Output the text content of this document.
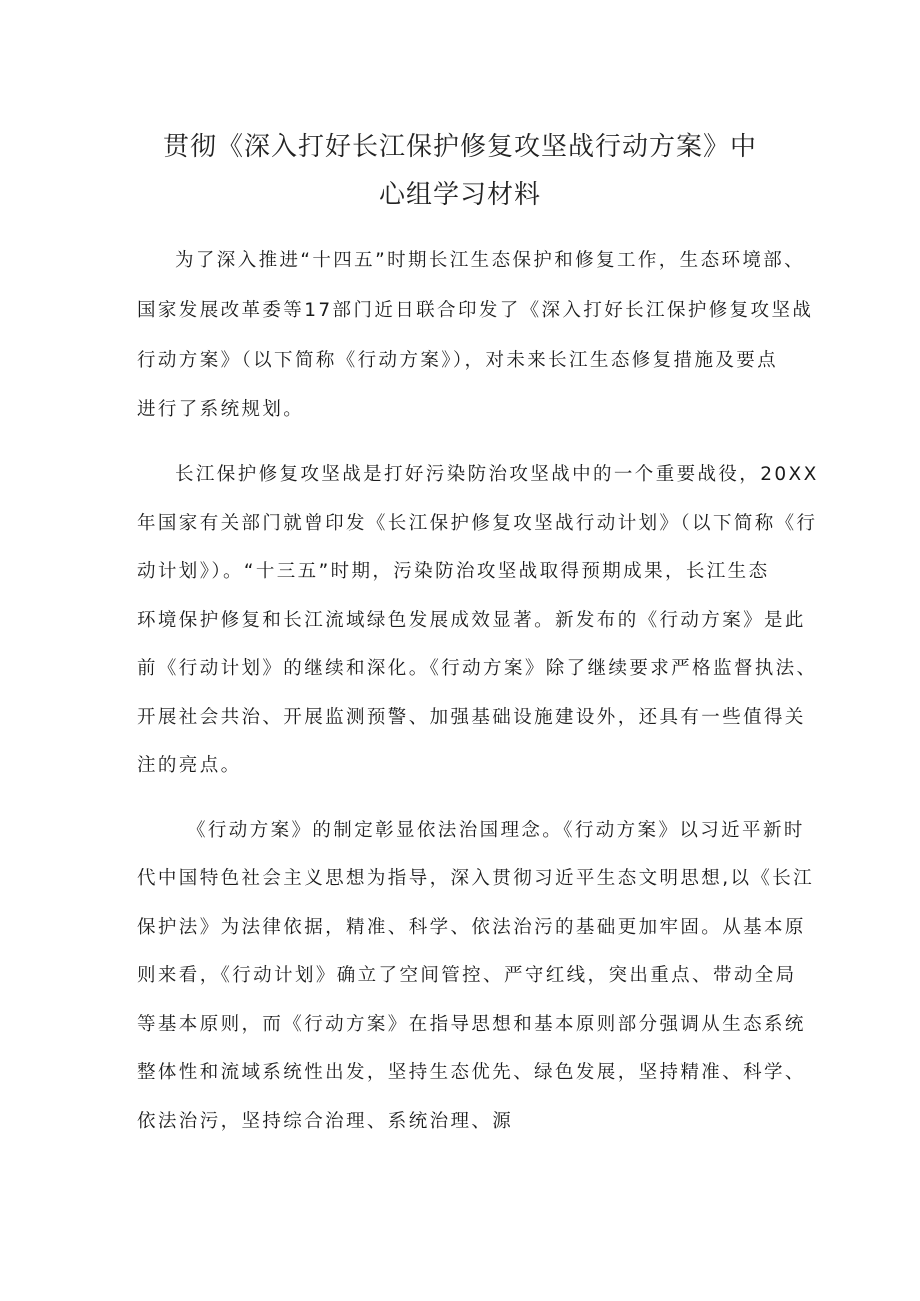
贯彻《深入打好长江保护修复攻坚战行动方案》中
心组学习材料

为了深入推进“十四五”时期长江生态保护和修复工作，生态环境部、

国家发展改革委等17部门近日联合印发了《深入打好长江保护修复攻坚战

行动方案》（以下简称《行动方案》），对未来长江生态修复措施及要点

进行了系统规划。

长江保护修复攻坚战是打好污染防治攻坚战中的一个重要战役，20XX

年国家有关部门就曾印发《长江保护修复攻坚战行动计划》（以下简称《行

动计划》）。“十三五”时期，污染防治攻坚战取得预期成果，长江生态

环境保护修复和长江流域绿色发展成效显著。新发布的《行动方案》是此

前《行动计划》的继续和深化。《行动方案》除了继续要求严格监督执法、

开展社会共治、开展监测预警、加强基础设施建设外，还具有一些值得关

注的亮点。

《行动方案》的制定彰显依法治国理念。《行动方案》以习近平新时

代中国特色社会主义思想为指导，深入贯彻习近平生态文明思想,以《长江

保护法》为法律依据，精准、科学、依法治污的基础更加牢固。从基本原

则来看，《行动计划》确立了空间管控、严守红线，突出重点、带动全局

等基本原则，而《行动方案》在指导思想和基本原则部分强调从生态系统

整体性和流域系统性出发，坚持生态优先、绿色发展，坚持精准、科学、

依法治污，坚持综合治理、系统治理、源
